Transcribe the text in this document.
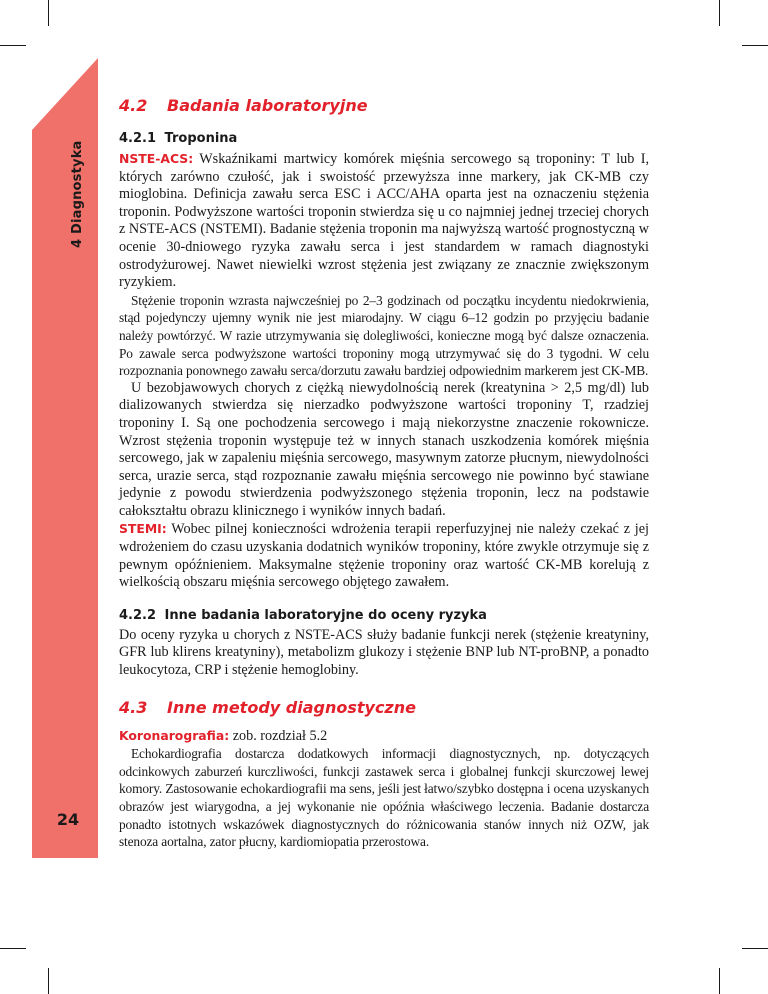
4 Diagnostyka
24
4.2 Badania laboratoryjne
4.2.1 Troponina

NSTE-ACS: Wskaźnikami martwicy komórek mięśnia sercowego są troponiny: T lub I, których zarówno czułość, jak i swoistość przewyższa inne markery, jak CK-MB czy mioglobina. Definicja zawału serca ESC i ACC/AHA oparta jest na oznaczeniu stężenia troponin. Podwyższone wartości troponin stwierdza się u co najmniej jednej trzeciej chorych z NSTE-ACS (NSTEMI). Badanie stężenia troponin ma najwyższą wartość prognostyczną w ocenie 30-dniowego ryzyka zawału serca i jest standardem w ramach diagnostyki ostrodyżurowej. Nawet niewielki wzrost stężenia jest związany ze znacznie zwiększonym ryzykiem.

Stężenie troponin wzrasta najwcześniej po 2–3 godzinach od początku incydentu niedokrwienia, stąd pojedynczy ujemny wynik nie jest miarodajny. W ciągu 6–12 godzin po przyjęciu badanie należy powtórzyć. W razie utrzymywania się dolegliwości, konieczne mogą być dalsze oznaczenia. Po zawale serca podwyższone wartości troponiny mogą utrzymywać się do 3 tygodni. W celu rozpoznania ponownego zawału serca/dorzutu zawału bardziej odpowiednim markerem jest CK-MB.

U bezobjawowych chorych z ciężką niewydolnością nerek (kreatynina > 2,5 mg/dl) lub dializowanych stwierdza się nierzadko podwyższone wartości troponiny T, rzadziej troponiny I. Są one pochodzenia sercowego i mają niekorzystne znaczenie rokownicze. Wzrost stężenia troponin występuje też w innych stanach uszkodzenia komórek mięśnia sercowego, jak w zapaleniu mięśnia sercowego, masywnym zatorze płucnym, niewydolności serca, urazie serca, stąd rozpoznanie zawału mięśnia sercowego nie powinno być stawiane jedynie z powodu stwierdzenia podwyższonego stężenia troponin, lecz na podstawie całokształtu obrazu klinicznego i wyników innych badań.

STEMI: Wobec pilnej konieczności wdrożenia terapii reperfuzyjnej nie należy czekać z jej wdrożeniem do czasu uzyskania dodatnich wyników troponiny, które zwykle otrzymuje się z pewnym opóźnieniem. Maksymalne stężenie troponiny oraz wartość CK-MB korelują z wielkością obszaru mięśnia sercowego objętego zawałem.

4.2.2 Inne badania laboratoryjne do oceny ryzyka

Do oceny ryzyka u chorych z NSTE-ACS służy badanie funkcji nerek (stężenie kreatyniny, GFR lub klirens kreatyniny), metabolizm glukozy i stężenie BNP lub NT-proBNP, a ponadto leukocytoza, CRP i stężenie hemoglobiny.

4.3 Inne metody diagnostyczne

Koronarografia: zob. rozdział 5.2

Echokardiografia dostarcza dodatkowych informacji diagnostycznych, np. dotyczących odcinkowych zaburzeń kurczliwości, funkcji zastawek serca i globalnej funkcji skurczowej lewej komory. Zastosowanie echokardiografii ma sens, jeśli jest łatwo/szybko dostępna i ocena uzyskanych obrazów jest wiarygodna, a jej wykonanie nie opóźnia właściwego leczenia. Badanie dostarcza ponadto istotnych wskazówek diagnostycznych do różnicowania stanów innych niż OZW, jak stenoza aortalna, zator płucny, kardiomiopatia przerostowa.
